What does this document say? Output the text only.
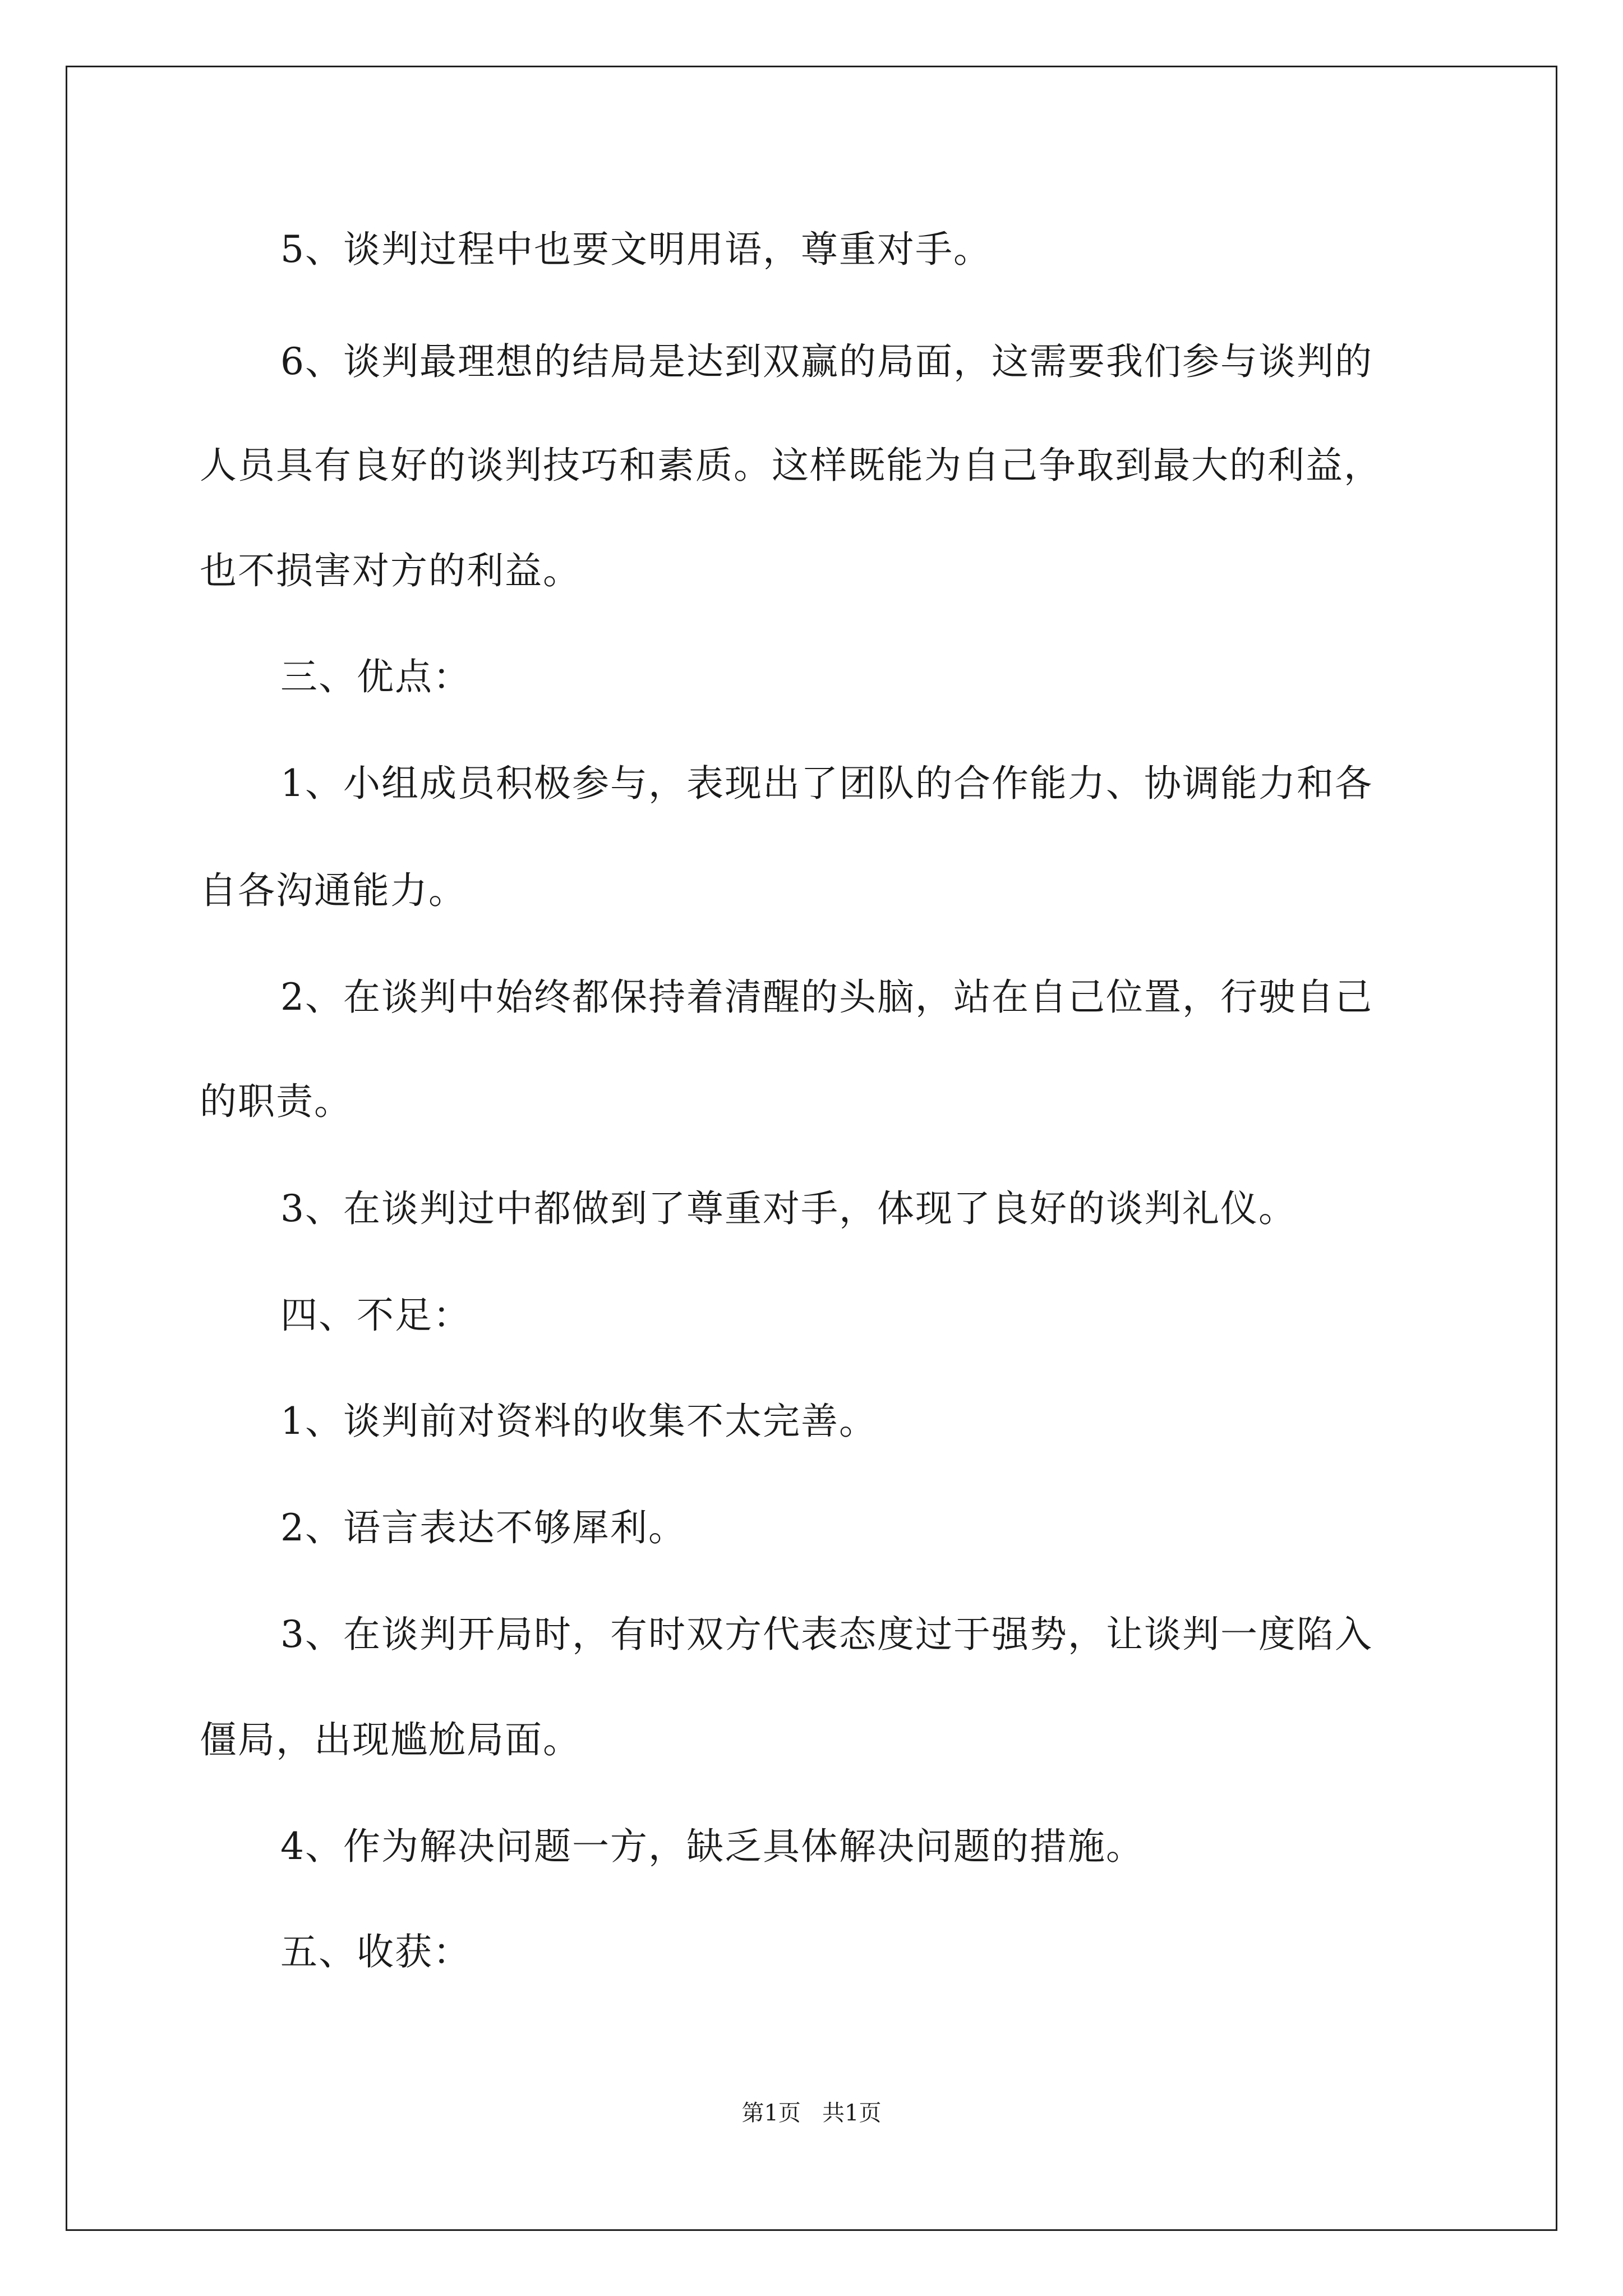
5、谈判过程中也要文明用语，尊重对手。
6、谈判最理想的结局是达到双赢的局面，这需要我们参与谈判的
人员具有良好的谈判技巧和素质。这样既能为自己争取到最大的利益，
也不损害对方的利益。
三、优点：
1、小组成员积极参与，表现出了团队的合作能力、协调能力和各
自各沟通能力。
2、在谈判中始终都保持着清醒的头脑，站在自己位置，行驶自己
的职责。
3、在谈判过中都做到了尊重对手，体现了良好的谈判礼仪。
四、不足：
1、谈判前对资料的收集不太完善。
2、语言表达不够犀利。
3、在谈判开局时，有时双方代表态度过于强势，让谈判一度陷入
僵局，出现尴尬局面。
4、作为解决问题一方，缺乏具体解决问题的措施。
五、收获：
第1页   共1页
